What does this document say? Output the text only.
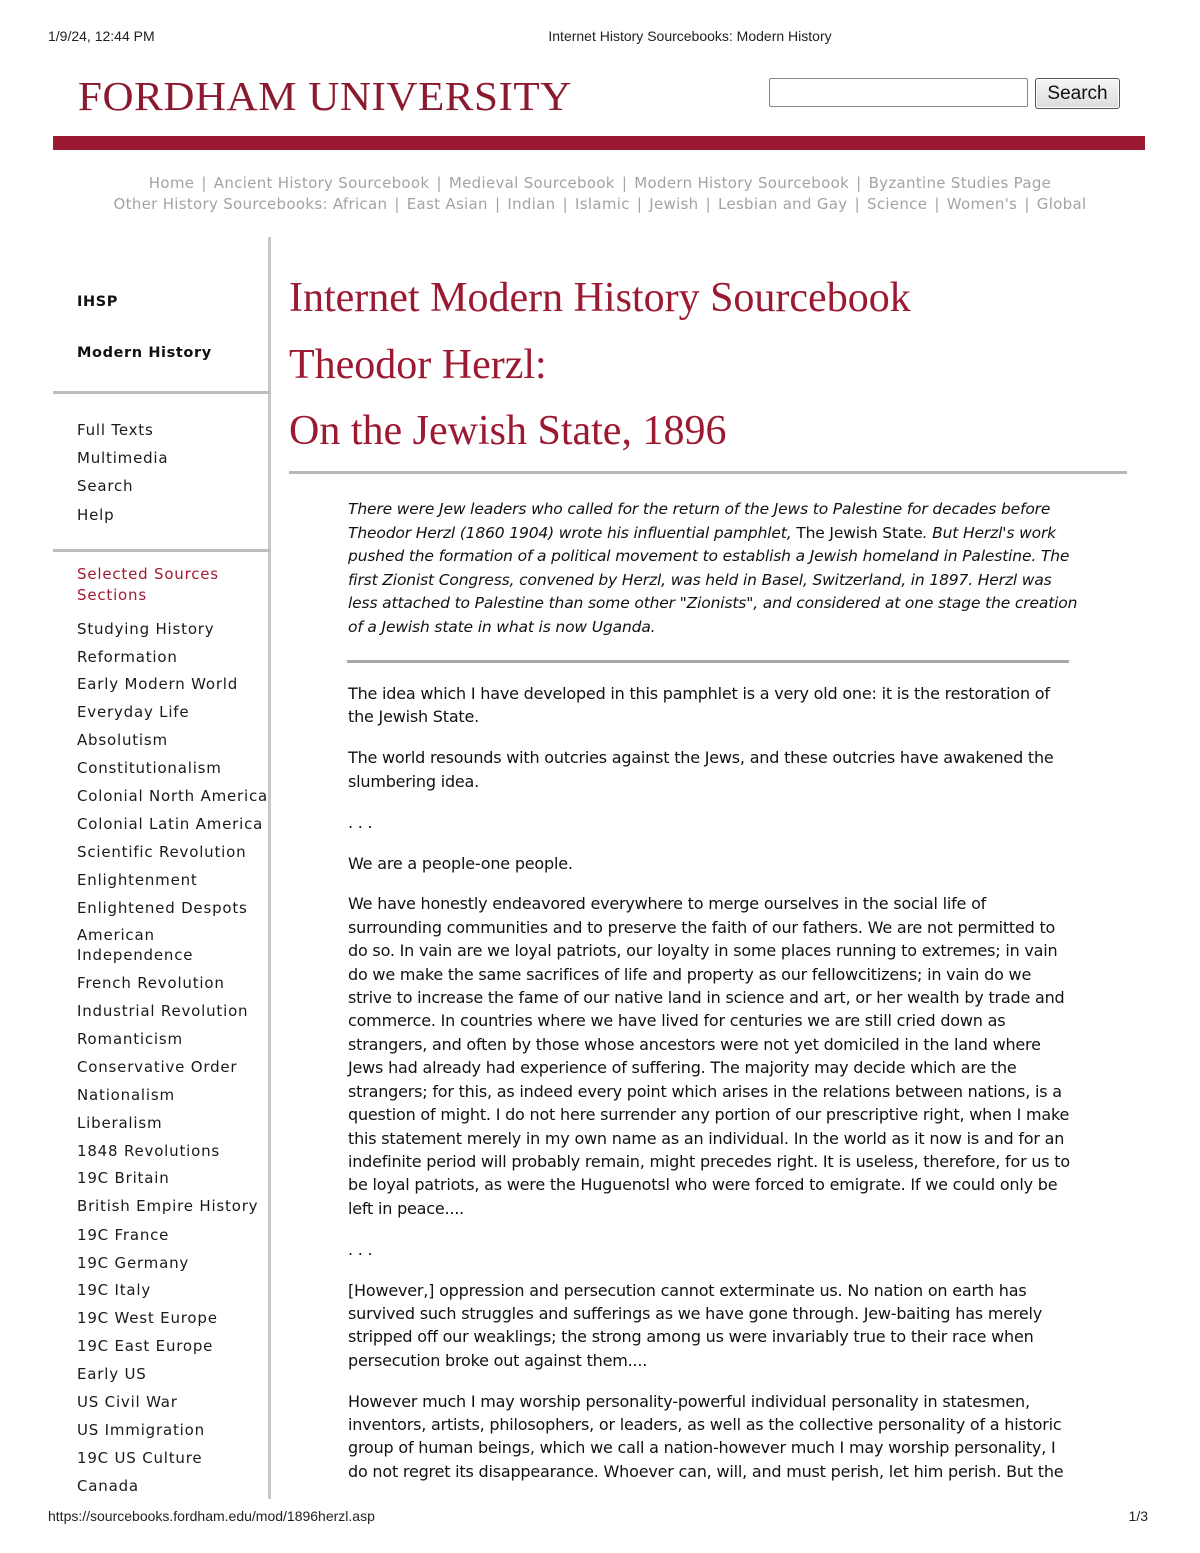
1/9/24, 12:44 PM	Internet History Sourcebooks: Modern History
FORDHAM UNIVERSITY	Search
Home | Ancient History Sourcebook | Medieval Sourcebook | Modern History Sourcebook | Byzantine Studies Page
Other History Sourcebooks: African | East Asian | Indian | Islamic | Jewish | Lesbian and Gay | Science | Women's | Global
IHSP
Modern History
Full Texts
Multimedia
Search
Help
Selected Sources
Sections
Studying History
Reformation
Early Modern World
Everyday Life
Absolutism
Constitutionalism
Colonial North America
Colonial Latin America
Scientific Revolution
Enlightenment
Enlightened Despots
American Independence
French Revolution
Industrial Revolution
Romanticism
Conservative Order
Nationalism
Liberalism
1848 Revolutions
19C Britain
British Empire History
19C France
19C Germany
19C Italy
19C West Europe
19C East Europe
Early US
US Civil War
US Immigration
19C US Culture
Canada
Internet Modern History Sourcebook
Theodor Herzl:
On the Jewish State, 1896
There were Jew leaders who called for the return of the Jews to Palestine for decades before Theodor Herzl (1860 1904) wrote his influential pamphlet, The Jewish State. But Herzl's work pushed the formation of a political movement to establish a Jewish homeland in Palestine. The first Zionist Congress, convened by Herzl, was held in Basel, Switzerland, in 1897. Herzl was less attached to Palestine than some other "Zionists", and considered at one stage the creation of a Jewish state in what is now Uganda.

The idea which I have developed in this pamphlet is a very old one: it is the restoration of the Jewish State.

The world resounds with outcries against the Jews, and these outcries have awakened the slumbering idea.

. . .

We are a people-one people.

We have honestly endeavored everywhere to merge ourselves in the social life of surrounding communities and to preserve the faith of our fathers. We are not permitted to do so. In vain are we loyal patriots, our loyalty in some places running to extremes; in vain do we make the same sacrifices of life and property as our fellowcitizens; in vain do we strive to increase the fame of our native land in science and art, or her wealth by trade and commerce. In countries where we have lived for centuries we are still cried down as strangers, and often by those whose ancestors were not yet domiciled in the land where Jews had already had experience of suffering. The majority may decide which are the strangers; for this, as indeed every point which arises in the relations between nations, is a question of might. I do not here surrender any portion of our prescriptive right, when I make this statement merely in my own name as an individual. In the world as it now is and for an indefinite period will probably remain, might precedes right. It is useless, therefore, for us to be loyal patriots, as were the Huguenotsl who were forced to emigrate. If we could only be left in peace....

. . .

[However,] oppression and persecution cannot exterminate us. No nation on earth has survived such struggles and sufferings as we have gone through. Jew-baiting has merely stripped off our weaklings; the strong among us were invariably true to their race when persecution broke out against them....

However much I may worship personality-powerful individual personality in statesmen, inventors, artists, philosophers, or leaders, as well as the collective personality of a historic group of human beings, which we call a nation-however much I may worship personality, I do not regret its disappearance. Whoever can, will, and must perish, let him perish. But the

https://sourcebooks.fordham.edu/mod/1896herzl.asp	1/3
